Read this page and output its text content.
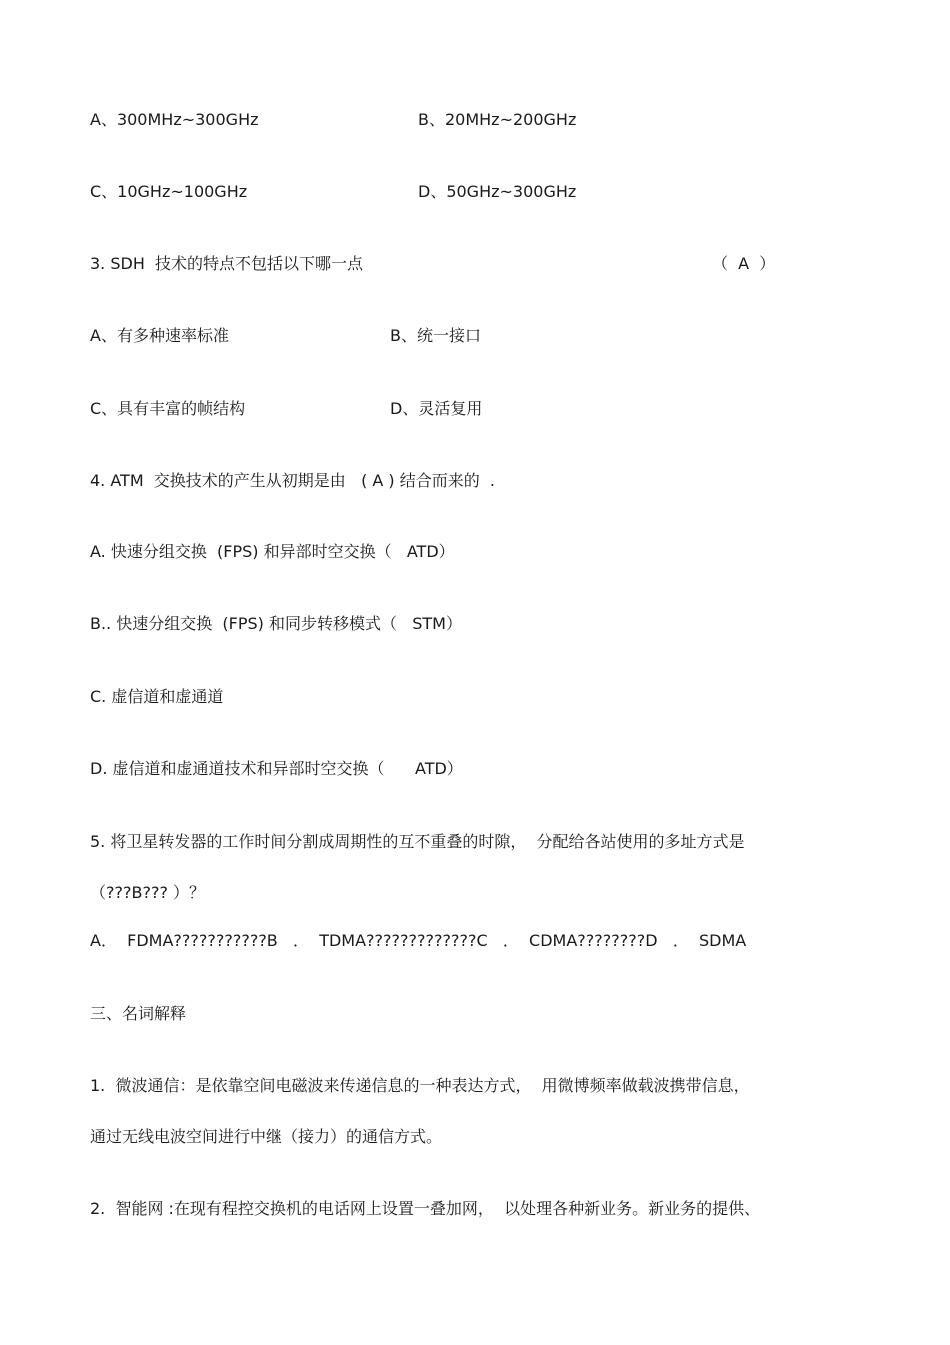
A、300MHz~300GHz	B、20MHz~200GHz
C、10GHz~100GHz	D、50GHz~300GHz
3. SDH  技术的特点不包括以下哪一点	（  A  ）
A、有多种速率标准	B、统一接口
C、具有丰富的帧结构	D、灵活复用
4. ATM  交换技术的产生从初期是由   ( A ) 结合而来的  .
A. 快速分组交换  (FPS) 和异部时空交换（   ATD）
B.. 快速分组交换  (FPS) 和同步转移模式（   STM）
C. 虚信道和虚通道
D. 虚信道和虚通道技术和异部时空交换（      ATD）
5. 将卫星转发器的工作时间分割成周期性的互不重叠的时隙，  分配给各站使用的多址方式是
（???B??? ）？
A．  FDMA???????????B   ．  TDMA?????????????C   ．  CDMA????????D   ．  SDMA
三、名词解释
1.  微波通信：是依靠空间电磁波来传递信息的一种表达方式，  用微博频率做载波携带信息，
通过无线电波空间进行中继（接力）的通信方式。
2.  智能网 :在现有程控交换机的电话网上设置一叠加网，  以处理各种新业务。新业务的提供、
